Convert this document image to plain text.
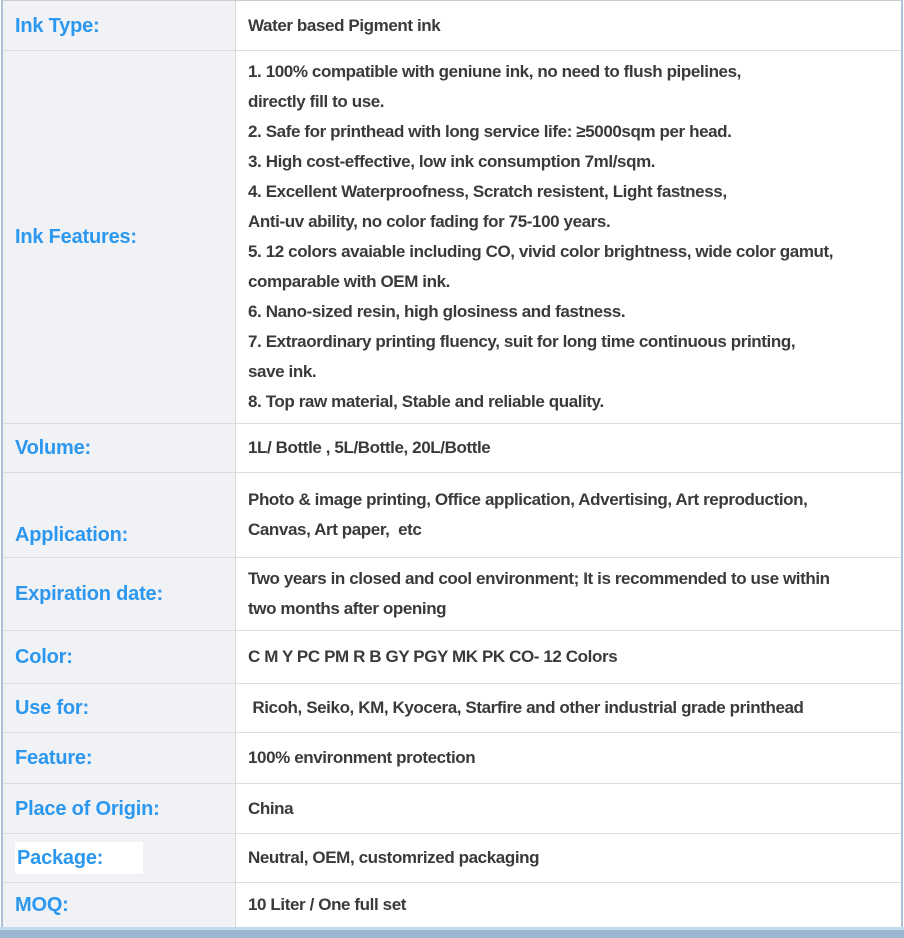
Ink Type:	Water based Pigment ink
Ink Features:
1. 100% compatible with geniune ink, no need to flush pipelines,
directly fill to use.
2. Safe for printhead with long service life: ≥5000sqm per head.
3. High cost-effective, low ink consumption 7ml/sqm.
4. Excellent Waterproofness, Scratch resistent, Light fastness,
Anti-uv ability, no color fading for 75-100 years.
5. 12 colors avaiable including CO, vivid color brightness, wide color gamut,
comparable with OEM ink.
6. Nano-sized resin, high glosiness and fastness.
7. Extraordinary printing fluency, suit for long time continuous printing,
save ink.
8. Top raw material, Stable and reliable quality.
Volume:	1L/ Bottle , 5L/Bottle, 20L/Bottle
Application:
Photo & image printing, Office application, Advertising, Art reproduction,
Canvas, Art paper,  etc
Expiration date:
Two years in closed and cool environment; It is recommended to use within
two months after opening
Color:	C M Y PC PM R B GY PGY MK PK CO- 12 Colors
Use for:	Ricoh, Seiko, KM, Kyocera, Starfire and other industrial grade printhead
Feature:	100% environment protection
Place of Origin:	China
Package:	Neutral, OEM, customrized packaging
MOQ:	10 Liter / One full set
